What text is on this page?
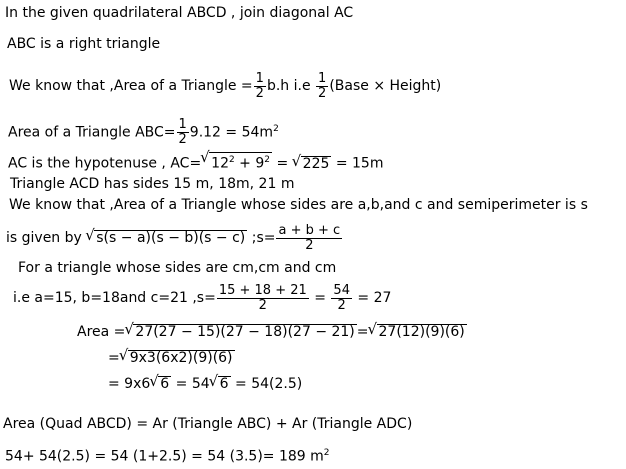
In the given quadrilateral ABCD , join diagonal AC
ABC is a right triangle
We know that ,Area of a Triangle = $\frac{1}{2} b.h$ $i.e \frac{1}{2}$ (Base × Height)
Area of a Triangle $ABC= \frac{1}{2} 9.12 = 54m^2$
AC is the hypotenuse , AC= √ $12^2 + 9^2$ = √ 225 = 15m
Triangle ACD has sides 15 m, 18m, 21 m
We know that ,Area of a Triangle whose sides are a,b,and c and semiperimeter is s
is given by √ s(s − a)(s − b)(s − c) ;s= $\frac{a + b + c}{2}$
For a triangle whose sides are cm,cm and cm
i.e a=15, b=18and c=21 $,s= \frac{15 + 18 + 21}{2} = \frac{54}{2} = 27$
Area = √ 27(27 − 15)(27 − 18)(27 − 21) = √ 27(12)(9)(6)
= √ 9x3(6x2)(9)(6)
= 9x6 √ 6 = 54 √ 6 = 54(2.5)
Area (Quad ABCD) = Ar (Triangle ABC) + Ar (Triangle ADC)
54+ 54(2.5) = 54 (1+2.5) = 54 (3.5)= 189 $m^2$
